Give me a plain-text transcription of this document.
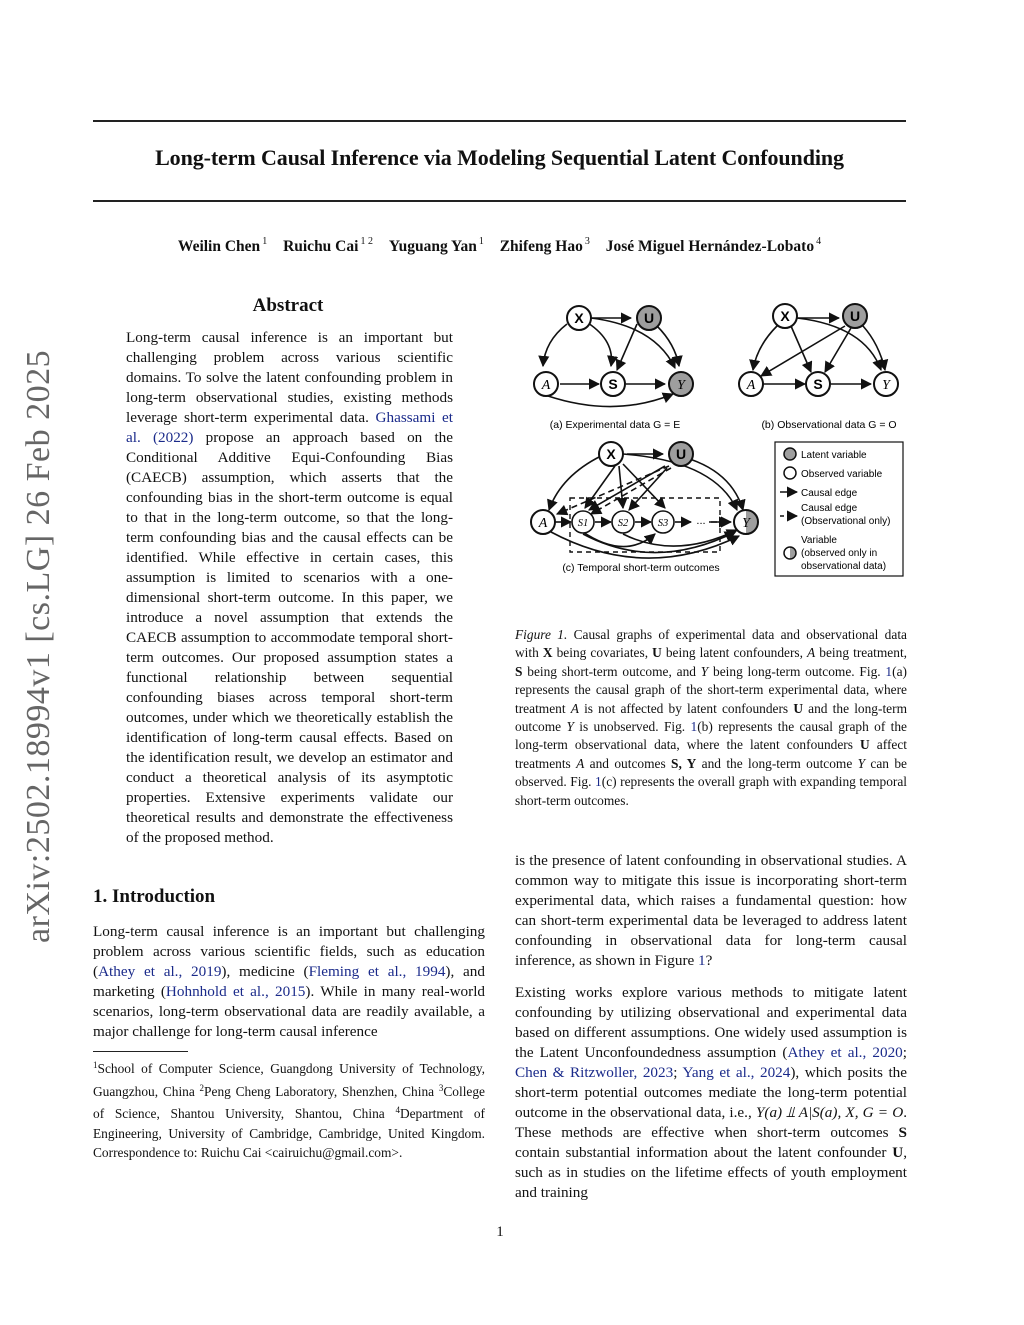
arXiv:2502.18994v1 [cs.LG] 26 Feb 2025
Long-term Causal Inference via Modeling Sequential Latent Confounding
Weilin Chen $^1$ Ruichu Cai $^{1 2}$ Yuguang Yan $^1$ Zhifeng Hao $^3$ José Miguel Hernández-Lobato $^4$
Abstract
Long-term causal inference is an important but challenging problem across various scientific domains. To solve the latent confounding problem in long-term observational studies, existing methods leverage short-term experimental data. Ghassami et al. (2022) propose an approach based on the Conditional Additive Equi-Confounding Bias (CAECB) assumption, which asserts that the confounding bias in the short-term outcome is equal to that in the long-term outcome, so that the long-term confounding bias and the causal effects can be identified. While effective in certain cases, this assumption is limited to scenarios with a one-dimensional short-term outcome. In this paper, we introduce a novel assumption that extends the CAECB assumption to accommodate temporal short-term outcomes. Our proposed assumption states a functional relationship between sequential confounding biases across temporal short-term outcomes, under which we theoretically establish the identification of long-term causal effects. Based on the identification result, we develop an estimator and conduct a theoretical analysis of its asymptotic properties. Extensive experiments validate our theoretical results and demonstrate the effectiveness of the proposed method.
1. Introduction
Long-term causal inference is an important but challenging problem across various scientific fields, such as education (Athey et al., 2019), medicine (Fleming et al., 1994), and marketing (Hohnhold et al., 2015). While in many real-world scenarios, long-term observational data are readily available, a major challenge for long-term causal inference
$^1$School of Computer Science, Guangdong University of Technology, Guangzhou, China $^2$Peng Cheng Laboratory, Shenzhen, China $^3$College of Science, Shantou University, Shantou, China $^4$Department of Engineering, University of Cambridge, Cambridge, United Kingdom. Correspondence to: Ruichu Cai <cairuichu@gmail.com>.
X	U
A	S	Y
(a) Experimental data G = E
X	U
A	S	Y
(b) Observational data G = O
X	U
A	S1	S2	S3	...	Y
(c) Temporal short-term outcomes
Latent variable
Observed variable
Causal edge
Causal edge
(Observational only)
Variable
(observed only in
observational data)
Figure 1. Causal graphs of experimental data and observational data with X being covariates, U being latent confounders, A being treatment, S being short-term outcome, and Y being long-term outcome. Fig. 1(a) represents the causal graph of the short-term experimental data, where treatment A is not affected by latent confounders U and the long-term outcome Y is unobserved. Fig. 1(b) represents the causal graph of the long-term observational data, where the latent confounders U affect treatments A and outcomes S, Y and the long-term outcome Y can be observed. Fig. 1(c) represents the overall graph with expanding temporal short-term outcomes.

is the presence of latent confounding in observational studies. A common way to mitigate this issue is incorporating short-term experimental data, which raises a fundamental question: how can short-term experimental data be leveraged to address latent confounding in observational data for long-term causal inference, as shown in Figure 1?

Existing works explore various methods to mitigate latent confounding by utilizing observational and experimental data based on different assumptions. One widely used assumption is the Latent Unconfoundedness assumption (Athey et al., 2020; Chen & Ritzwoller, 2023; Yang et al., 2024), which posits the short-term potential outcomes mediate the long-term potential outcome in the observational data, i.e., Y(a) ⫫ A|S(a), X, G = O. These methods are effective when short-term outcomes S contain substantial information about the latent confounder U, such as in studies on the lifetime effects of youth employment and training

1
